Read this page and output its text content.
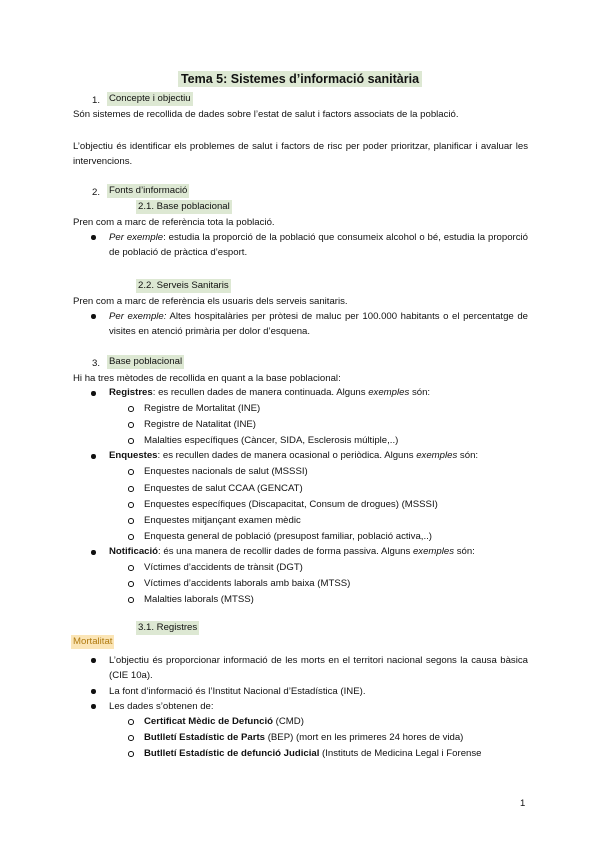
Tema 5: Sistemes d’informació sanitària
1. Concepte i objectiu
Són sistemes de recollida de dades sobre l’estat de salut i factors associats de la població.
L’objectiu és identificar els problemes de salut i factors de risc per poder prioritzar, planificar i avaluar les intervencions.
2. Fonts d’informació
2.1. Base poblacional
Pren com a marc de referència tota la població.
Per exemple: estudia la proporció de la població que consumeix alcohol o bé, estudia la proporció de població de pràctica d’esport.
2.2. Serveis Sanitaris
Pren com a marc de referència els usuaris dels serveis sanitaris.
Per exemple: Altes hospitalàries per pròtesi de maluc per 100.000 habitants o el percentatge de visites en atenció primària per dolor d’esquena.
3. Base poblacional
Hi ha tres mètodes de recollida en quant a la base poblacional:
Registres: es recullen dades de manera continuada. Alguns exemples són:
Registre de Mortalitat (INE)
Registre de Natalitat (INE)
Malalties específiques (Càncer, SIDA, Esclerosis múltiple,..)
Enquestes: es recullen dades de manera ocasional o periòdica. Alguns exemples són:
Enquestes nacionals de salut (MSSSI)
Enquestes de salut CCAA (GENCAT)
Enquestes específiques (Discapacitat, Consum de drogues) (MSSSI)
Enquestes mitjançant examen mèdic
Enquesta general de població (presupost familiar, població activa,..)
Notificació: és una manera de recollir dades de forma passiva. Alguns exemples són:
Víctimes d’accidents de trànsit (DGT)
Víctimes d’accidents laborals amb baixa (MTSS)
Malalties laborals (MTSS)
3.1. Registres
Mortalitat
L’objectiu és proporcionar informació de les morts en el territori nacional segons la causa bàsica (CIE 10a).
La font d’informació és l’Institut Nacional d’Estadística (INE).
Les dades s’obtenen de:
Certificat Mèdic de Defunció (CMD)
Butlletí Estadístic de Parts (BEP) (mort en les primeres 24 hores de vida)
Butlletí Estadístic de defunció Judicial (Instituts de Medicina Legal i Forense
1
